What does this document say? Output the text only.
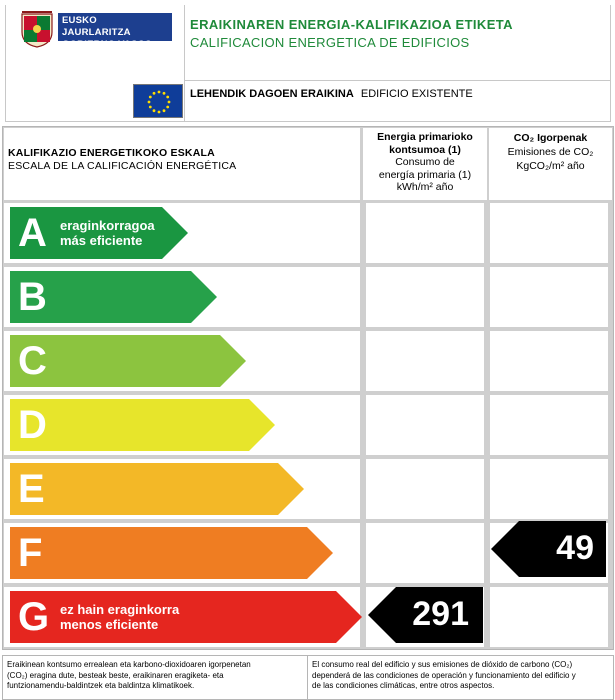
EUSKO JAURLARITZA
GOBIERNO VASCO
ERAIKINAREN ENERGIA-KALIFIKAZIOA ETIKETA
CALIFICACION ENERGETICA DE EDIFICIOS
LEHENDIK DAGOEN ERAIKINA EDIFICIO EXISTENTE
KALIFIKAZIO ENERGETIKOKO ESKALA
ESCALA DE LA CALIFICACIÓN ENERGÉTICA
Energia primarioko
kontsumoa (1)
Consumo de
energía primaria (1)
kWh/m² año
CO₂ Igorpenak
Emisiones de CO₂
KgCO₂/m² año
A eraginkorragoa
más eficiente
B
C
D
E
F
G ez hain eraginkorra
menos eficiente	291
49
Eraikinean kontsumo errealean eta karbono-dioxidoaren igorpenetan
(CO₂) eragina dute, besteak beste, eraikinaren eragiketa- eta
funtzionamendu-baldintzek eta baldintza klimatikoek.
El consumo real del edificio y sus emisiones de dióxido de carbono (CO₂)
dependerá de las condiciones de operación y funcionamiento del edificio y
de las condiciones climáticas, entre otros aspectos.
